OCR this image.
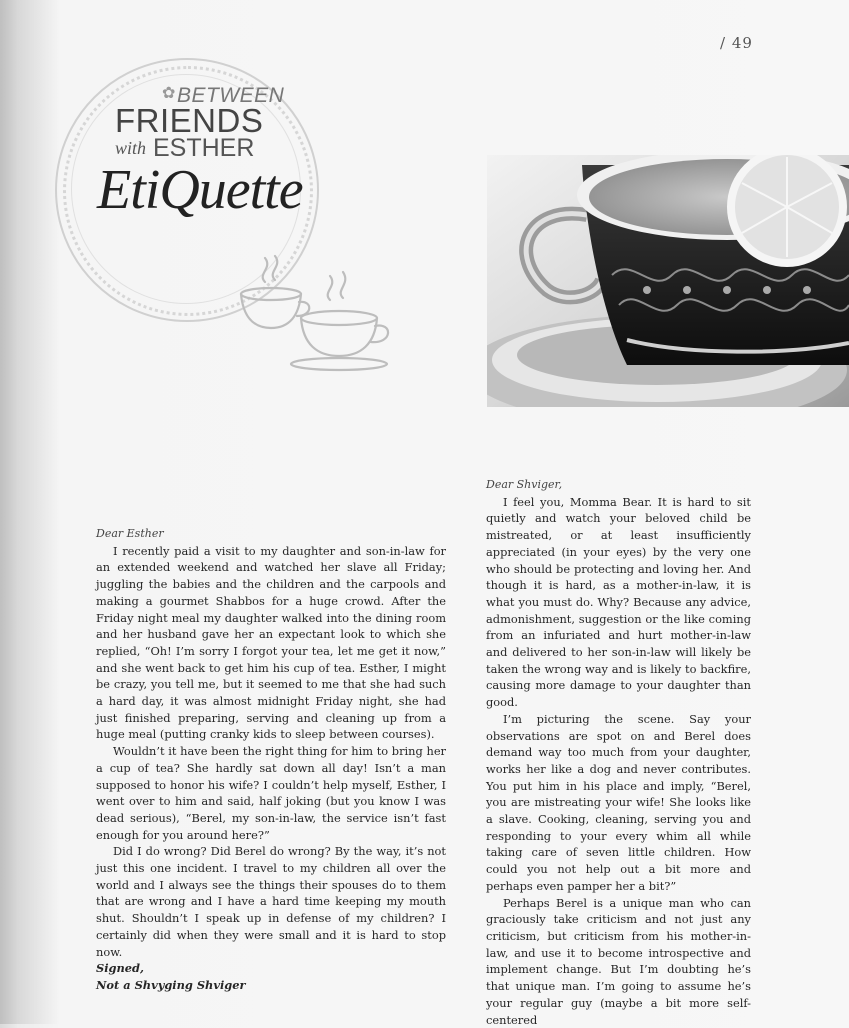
/ 49
✿ BETWEEN
FRIENDS
with ESTHER
EtiQuette

Dear Esther

I recently paid a visit to my daughter and son-in-law for an extended weekend and watched her slave all Friday; juggling the babies and the children and the carpools and making a gourmet Shabbos for a huge crowd. After the Friday night meal my daughter walked into the dining room and her husband gave her an expectant look to which she replied, “Oh! I’m sorry I forgot your tea, let me get it now,” and she went back to get him his cup of tea. Esther, I might be crazy, you tell me, but it seemed to me that she had such a hard day, it was almost midnight Friday night, she had just finished preparing, serving and cleaning up from a huge meal (putting cranky kids to sleep between courses).

Wouldn’t it have been the right thing for him to bring her a cup of tea? She hardly sat down all day! Isn’t a man supposed to honor his wife? I couldn’t help myself, Esther, I went over to him and said, half joking (but you know I was dead serious), “Berel, my son-in-law, the service isn’t fast enough for you around here?”

Did I do wrong? Did Berel do wrong? By the way, it’s not just this one incident. I travel to my children all over the world and I always see the things their spouses do to them that are wrong and I have a hard time keeping my mouth shut. Shouldn’t I speak up in defense of my children? I certainly did when they were small and it is hard to stop now.

Signed,

Not a Shvyging Shviger

Dear Shviger,

I feel you, Momma Bear. It is hard to sit quietly and watch your beloved child be mistreated, or at least insufficiently appreciated (in your eyes) by the very one who should be protecting and loving her. And though it is hard, as a mother-in-law, it is what you must do. Why? Because any advice, admonishment, suggestion or the like coming from an infuriated and hurt mother-in-law and delivered to her son-in-law will likely be taken the wrong way and is likely to backfire, causing more damage to your daughter than good.

I’m picturing the scene. Say your observations are spot on and Berel does demand way too much from your daughter, works her like a dog and never contributes. You put him in his place and imply, “Berel, you are mistreating your wife! She looks like a slave. Cooking, cleaning, serving you and responding to your every whim all while taking care of seven little children. How could you not help out a bit more and perhaps even pamper her a bit?”

Perhaps Berel is a unique man who can graciously take criticism and not just any criticism, but criticism from his mother-in-law, and use it to become introspective and implement change. But I’m doubting he’s that unique man. I’m going to assume he’s your regular guy (maybe a bit more self-centered
